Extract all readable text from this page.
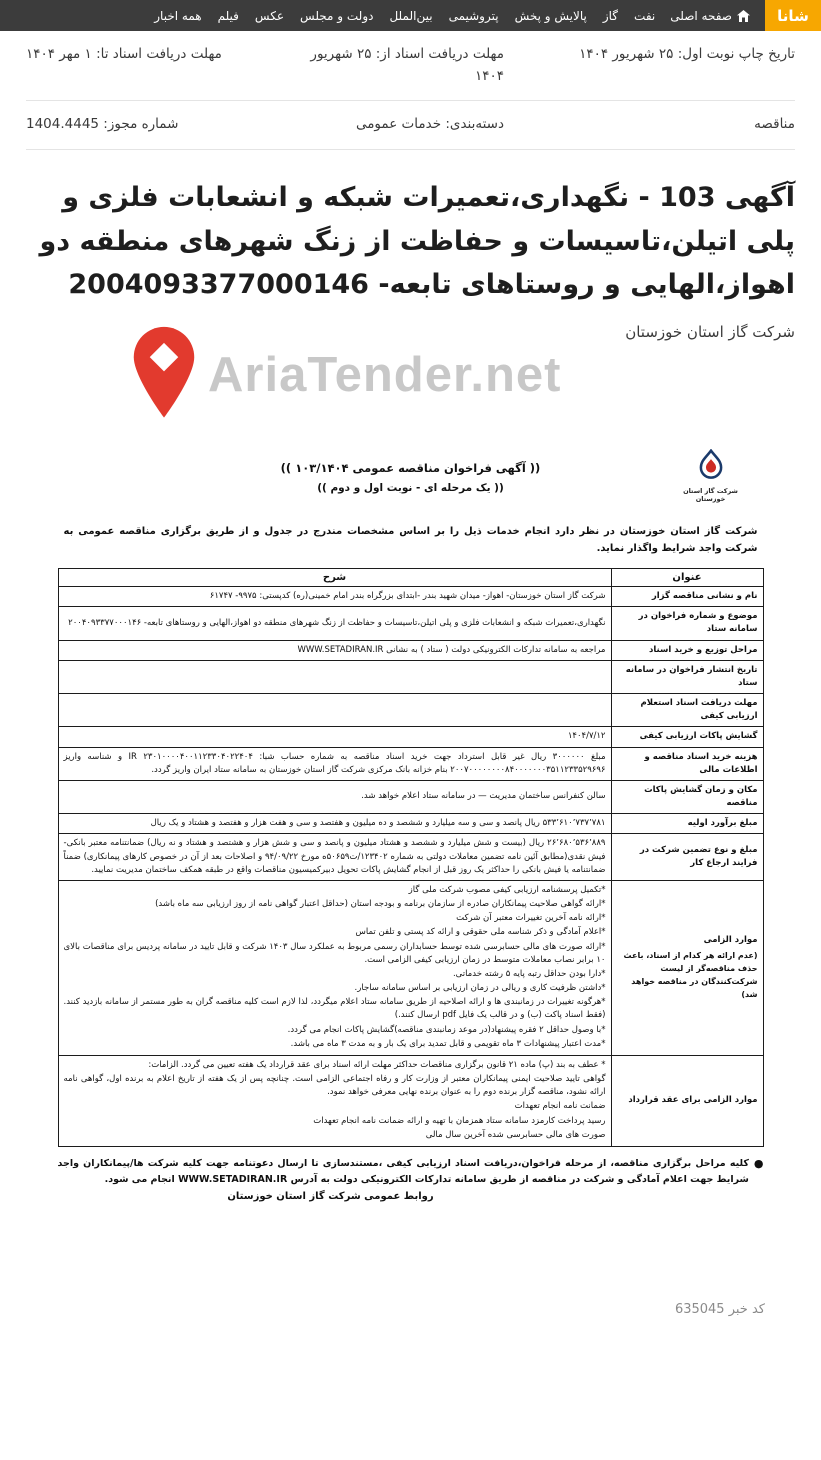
شانا
صفحه اصلی
نفت
گاز
پالایش و پخش
پتروشیمی
بین‌الملل
دولت و مجلس
عکس
فیلم
همه اخبار
تاریخ چاپ نوبت اول: ۲۵ شهریور ۱۴۰۴
مهلت دریافت اسناد از: ۲۵ شهریور ۱۴۰۴
مهلت دریافت اسناد تا: ۱ مهر ۱۴۰۴
مناقصه
دسته‌بندی: خدمات عمومی
شماره مجوز: 1404.4445
آگهی 103 - نگهداری،تعمیرات شبکه و انشعابات فلزی و پلی اتیلن،تاسیسات و حفاظت از زنگ شهرهای منطقه دو اهواز،الهایی و روستاهای تابعه- 2004093377000146
شرکت گاز استان خوزستان
AriaTender.net
(( آگهی فراخوان مناقصه عمومی ۱۰۳/۱۴۰۴ ))
(( یک مرحله ای - نوبت اول و دوم ))	شرکت گاز استان خوزستان

شرکت گاز استان خوزستان در نظر دارد انجام خدمات ذیل را بر اساس مشخصات مندرج در جدول و از طریق برگزاری مناقصه عمومی به شرکت واجد شرایط واگذار نماید.

عنوان	شرح
نام و نشانی مناقصه گزار	شرکت گاز استان خوزستان- اهواز- میدان شهید بندر -ابتدای بزرگراه بندر امام خمینی(ره) کدپستی: ۹۹۷۵- ۶۱۷۴۷
موضوع و شماره فراخوان در سامانه ستاد	نگهداری،تعمیرات شبکه و انشعابات فلزی و پلی اتیلن،تاسیسات و حفاظت از زنگ شهرهای منطقه دو اهواز،الهایی و روستاهای تابعه- ۲۰۰۴۰۹۳۳۷۷۰۰۰۱۴۶
مراحل توزیع و خرید اسناد	مراجعه به سامانه تدارکات الکترونیکی دولت ( ستاد ) به نشانی WWW.SETADIRAN.IR
تاریخ انتشار فراخوان در سامانه ستاد	
مهلت دریافت اسناد استعلام ارزیابی کیفی	
گشایش پاکات ارزیابی کیفی	۱۴۰۴/۷/۱۲
هزینه خرید اسناد مناقصه و اطلاعات مالی	مبلغ ۳۰۰۰۰۰۰ ریال غیر قابل استرداد جهت خرید اسناد مناقصه به شماره حساب شبا: IR ۲۳۰۱۰۰۰۰۴۰۰۱۱۲۳۳۰۴۰۲۲۴۰۴ و شناسه واریز ۲۰۰۷۰۰۰۰۰۰۰۰۸۴۰۰۰۰۰۰۰۳۵۱۱۲۳۳۵۲۹۶۹۶ بنام خزانه بانک مرکزی شرکت گاز استان خوزستان به سامانه ستاد ایران واریز گردد.
مکان و زمان گشایش پاکات مناقصه	سالن کنفرانس ساختمان مدیریت — در سامانه ستاد اعلام خواهد شد.
مبلغ برآورد اولیه	۵۳۳٬۶۱۰٬۷۳۷٬۷۸۱ ریال پانصد و سی و سه میلیارد و ششصد و ده میلیون و هفتصد و سی و هفت هزار و هفتصد و هشتاد و یک ریال
مبلغ و نوع تضمین شرکت در فرایند ارجاع کار	۲۶٬۶۸۰٬۵۳۶٬۸۸۹ ریال (بیست و شش میلیارد و ششصد و هشتاد میلیون و پانصد و سی و شش هزار و هشتصد و هشتاد و نه ریال) ضمانتنامه معتبر بانکی- فیش نقدی(مطابق آئین نامه تضمین معاملات دولتی به شماره ۱۲۳۴۰۲/ت۵۰۶۵۹ه مورخ ۹۴/۰۹/۲۲ و اصلاحات بعد از آن در خصوص کارهای پیمانکاری) ضمناً ضمانتنامه یا فیش بانکی را حداکثر یک روز قبل از انجام گشایش پاکات تحویل دبیرکمیسیون مناقصات واقع در طبقه همکف ساختمان مدیریت نمایید.

موارد الزامی
(عدم ارائه هر کدام از اسناد، باعث حذف مناقصه‌گر از لیست شرکت‌کنندگان در مناقصه خواهد شد)

*تکمیل پرسشنامه ارزیابی کیفی مصوب شرکت ملی گاز
*ارائه گواهی صلاحیت پیمانکاران صادره از سازمان برنامه و بودجه استان (حداقل اعتبار گواهی نامه از روز ارزیابی سه ماه باشد)
*ارائه نامه آخرین تغییرات معتبر آن شرکت
*اعلام آمادگی و ذکر شناسه ملی حقوقی و ارائه کد پستی و تلفن تماس
*ارائه صورت های مالی حسابرسی شده توسط حسابداران رسمی مربوط به عملکرد سال ۱۴۰۳ شرکت و قابل تایید در سامانه پردیس برای مناقصات بالای ۱۰ برابر نصاب معاملات متوسط در زمان ارزیابی کیفی الزامی است.
*دارا بودن حداقل رتبه پایه ۵ رشته خدماتی.
*داشتن ظرفیت کاری و ریالی در زمان ارزیابی بر اساس سامانه ساجار.
*هرگونه تغییرات در زمانبندی ها و ارائه اصلاحیه از طریق سامانه ستاد اعلام میگردد، لذا لازم است کلیه مناقصه گران به طور مستمر از سامانه بازدید کنند. (فقط اسناد پاکت (ب) و در قالب یک فایل pdf ارسال کنند.)
*با وصول حداقل ۲ فقره پیشنهاد(در موعد زمانبندی مناقصه)گشایش پاکات انجام می گردد.
*مدت اعتبار پیشنهادات ۳ ماه تقویمی و قابل تمدید برای یک بار و به مدت ۳ ماه می باشد.

موارد الزامی برای عقد قرارداد	* عطف به بند (پ) ماده ۲۱ قانون برگزاری مناقصات حداکثر مهلت ارائه اسناد برای عقد قرارداد یک هفته تعیین می گردد. الزامات:
گواهی تایید صلاحیت ایمنی پیمانکاران معتبر از وزارت کار و رفاه اجتماعی الزامی است. چنانچه پس از یک هفته از تاریخ اعلام به برنده اول، گواهی نامه ارائه نشود، مناقصه گزار برنده دوم را به عنوان برنده نهایی معرفی خواهد نمود.
ضمانت نامه انجام تعهدات
رسید پرداخت کارمزد سامانه ستاد همزمان با تهیه و ارائه ضمانت نامه انجام تعهدات
صورت های مالی حسابرسی شده آخرین سال مالی
●
کلیه مراحل برگزاری مناقصه، از مرحله فراخوان،دریافت اسناد ارزیابی کیفی ،مستندسازی تا ارسال دعوتنامه جهت کلیه شرکت ها/پیمانکاران واجد شرایط جهت اعلام آمادگی و شرکت در مناقصه از طریق سامانه تدارکات الکترونیکی دولت به آدرس WWW.SETADIRAN.IR انجام می شود.
روابط عمومی شرکت گاز استان خوزستان
کد خبر 635045
